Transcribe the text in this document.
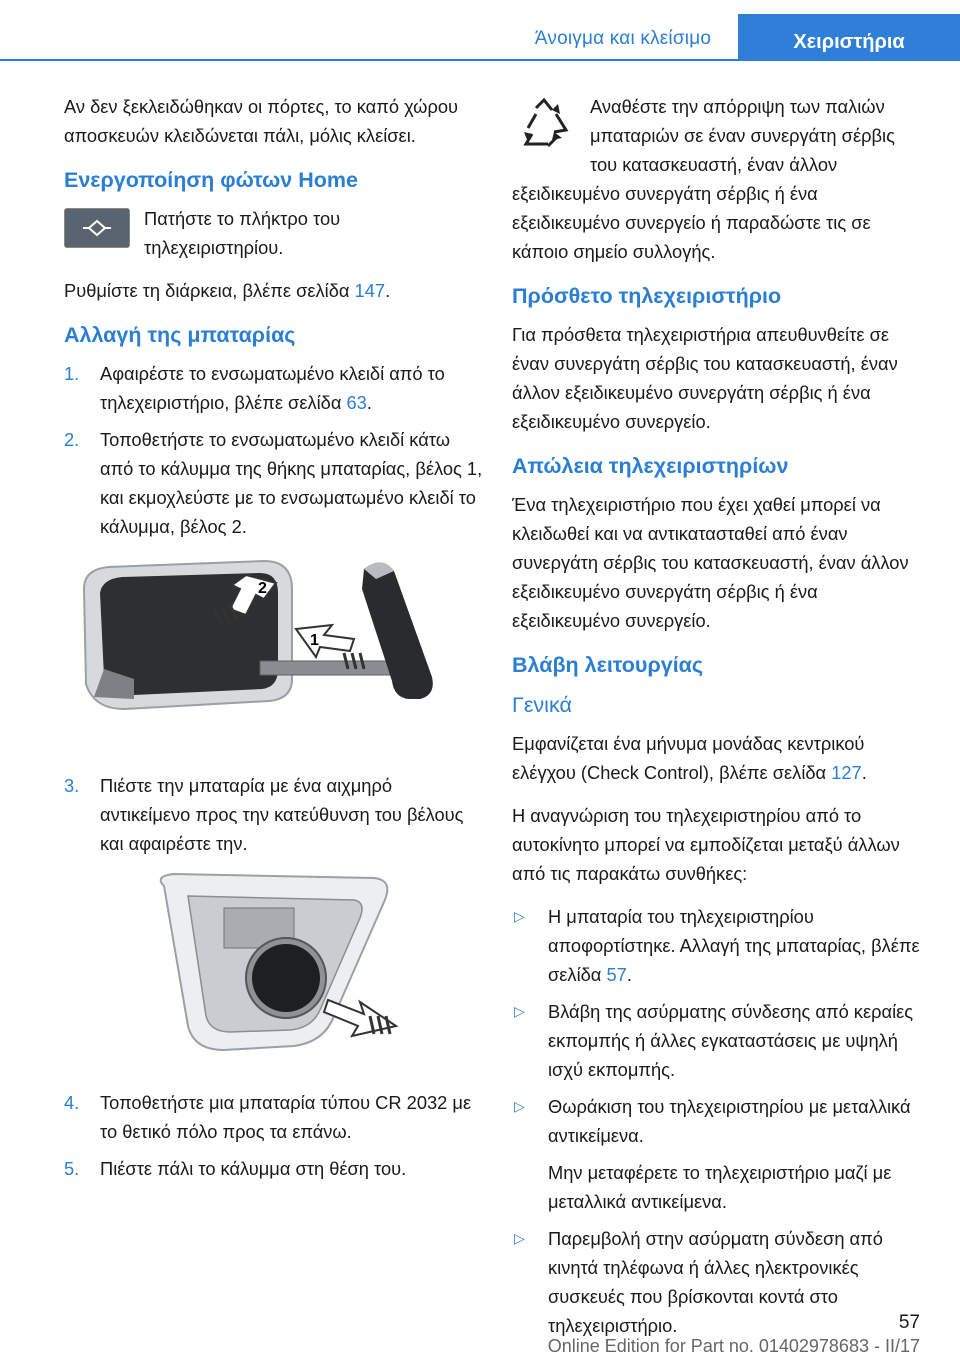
Άνοιγμα και κλείσιμο	Χειριστήρια

Αν δεν ξεκλειδώθηκαν οι πόρτες, το καπό χώρου αποσκευών κλειδώνεται πάλι, μόλις κλείσει.

Ενεργοποίηση φώτων Home

Πατήστε το πλήκτρο του τηλεχειριστηρίου.

Ρυθμίστε τη διάρκεια, βλέπε σελίδα 147.

Αλλαγή της μπαταρίας
1. Αφαιρέστε το ενσωματωμένο κλειδί από το τηλεχειριστήριο, βλέπε σελίδα 63.
2. Τοποθετήστε το ενσωματωμένο κλειδί κάτω από το κάλυμμα της θήκης μπαταρίας, βέλος 1, και εκμοχλεύστε με το ενσωματωμένο κλειδί το κάλυμμα, βέλος 2.
2
1
3. Πιέστε την μπαταρία με ένα αιχμηρό αντικείμενο προς την κατεύθυνση του βέλους και αφαιρέστε την.
4. Τοποθετήστε μια μπαταρία τύπου CR 2032 με το θετικό πόλο προς τα επάνω.
5. Πιέστε πάλι το κάλυμμα στη θέση του.

Αναθέστε την απόρριψη των παλιών μπαταριών σε έναν συνεργάτη σέρβις του κατασκευαστή, έναν άλλον εξειδικευμένο συνεργάτη σέρβις ή ένα εξειδικευμένο συνεργείο ή παραδώστε τις σε κάποιο σημείο συλλογής.

Πρόσθετο τηλεχειριστήριο

Για πρόσθετα τηλεχειριστήρια απευθυνθείτε σε έναν συνεργάτη σέρβις του κατασκευαστή, έναν άλλον εξειδικευμένο συνεργάτη σέρβις ή ένα εξειδικευμένο συνεργείο.

Απώλεια τηλεχειριστηρίων

Ένα τηλεχειριστήριο που έχει χαθεί μπορεί να κλειδωθεί και να αντικατασταθεί από έναν συνεργάτη σέρβις του κατασκευαστή, έναν άλλον εξειδικευμένο συνεργάτη σέρβις ή ένα εξειδικευμένο συνεργείο.

Βλάβη λειτουργίας
Γενικά

Εμφανίζεται ένα μήνυμα μονάδας κεντρικού ελέγχου (Check Control), βλέπε σελίδα 127.

Η αναγνώριση του τηλεχειριστηρίου από το αυτοκίνητο μπορεί να εμποδίζεται μεταξύ άλλων από τις παρακάτω συνθήκες:

▷ Η μπαταρία του τηλεχειριστηρίου αποφορτίστηκε. Αλλαγή της μπαταρίας, βλέπε σελίδα 57.
▷ Βλάβη της ασύρματης σύνδεσης από κεραίες εκπομπής ή άλλες εγκαταστάσεις με υψηλή ισχύ εκπομπής.
▷ Θωράκιση του τηλεχειριστηρίου με μεταλλικά αντικείμενα.
Μην μεταφέρετε το τηλεχειριστήριο μαζί με μεταλλικά αντικείμενα.
▷ Παρεμβολή στην ασύρματη σύνδεση από κινητά τηλέφωνα ή άλλες ηλεκτρονικές συσκευές που βρίσκονται κοντά στο τηλεχειριστήριο.	57
Online Edition for Part no. 01402978683 - II/17
